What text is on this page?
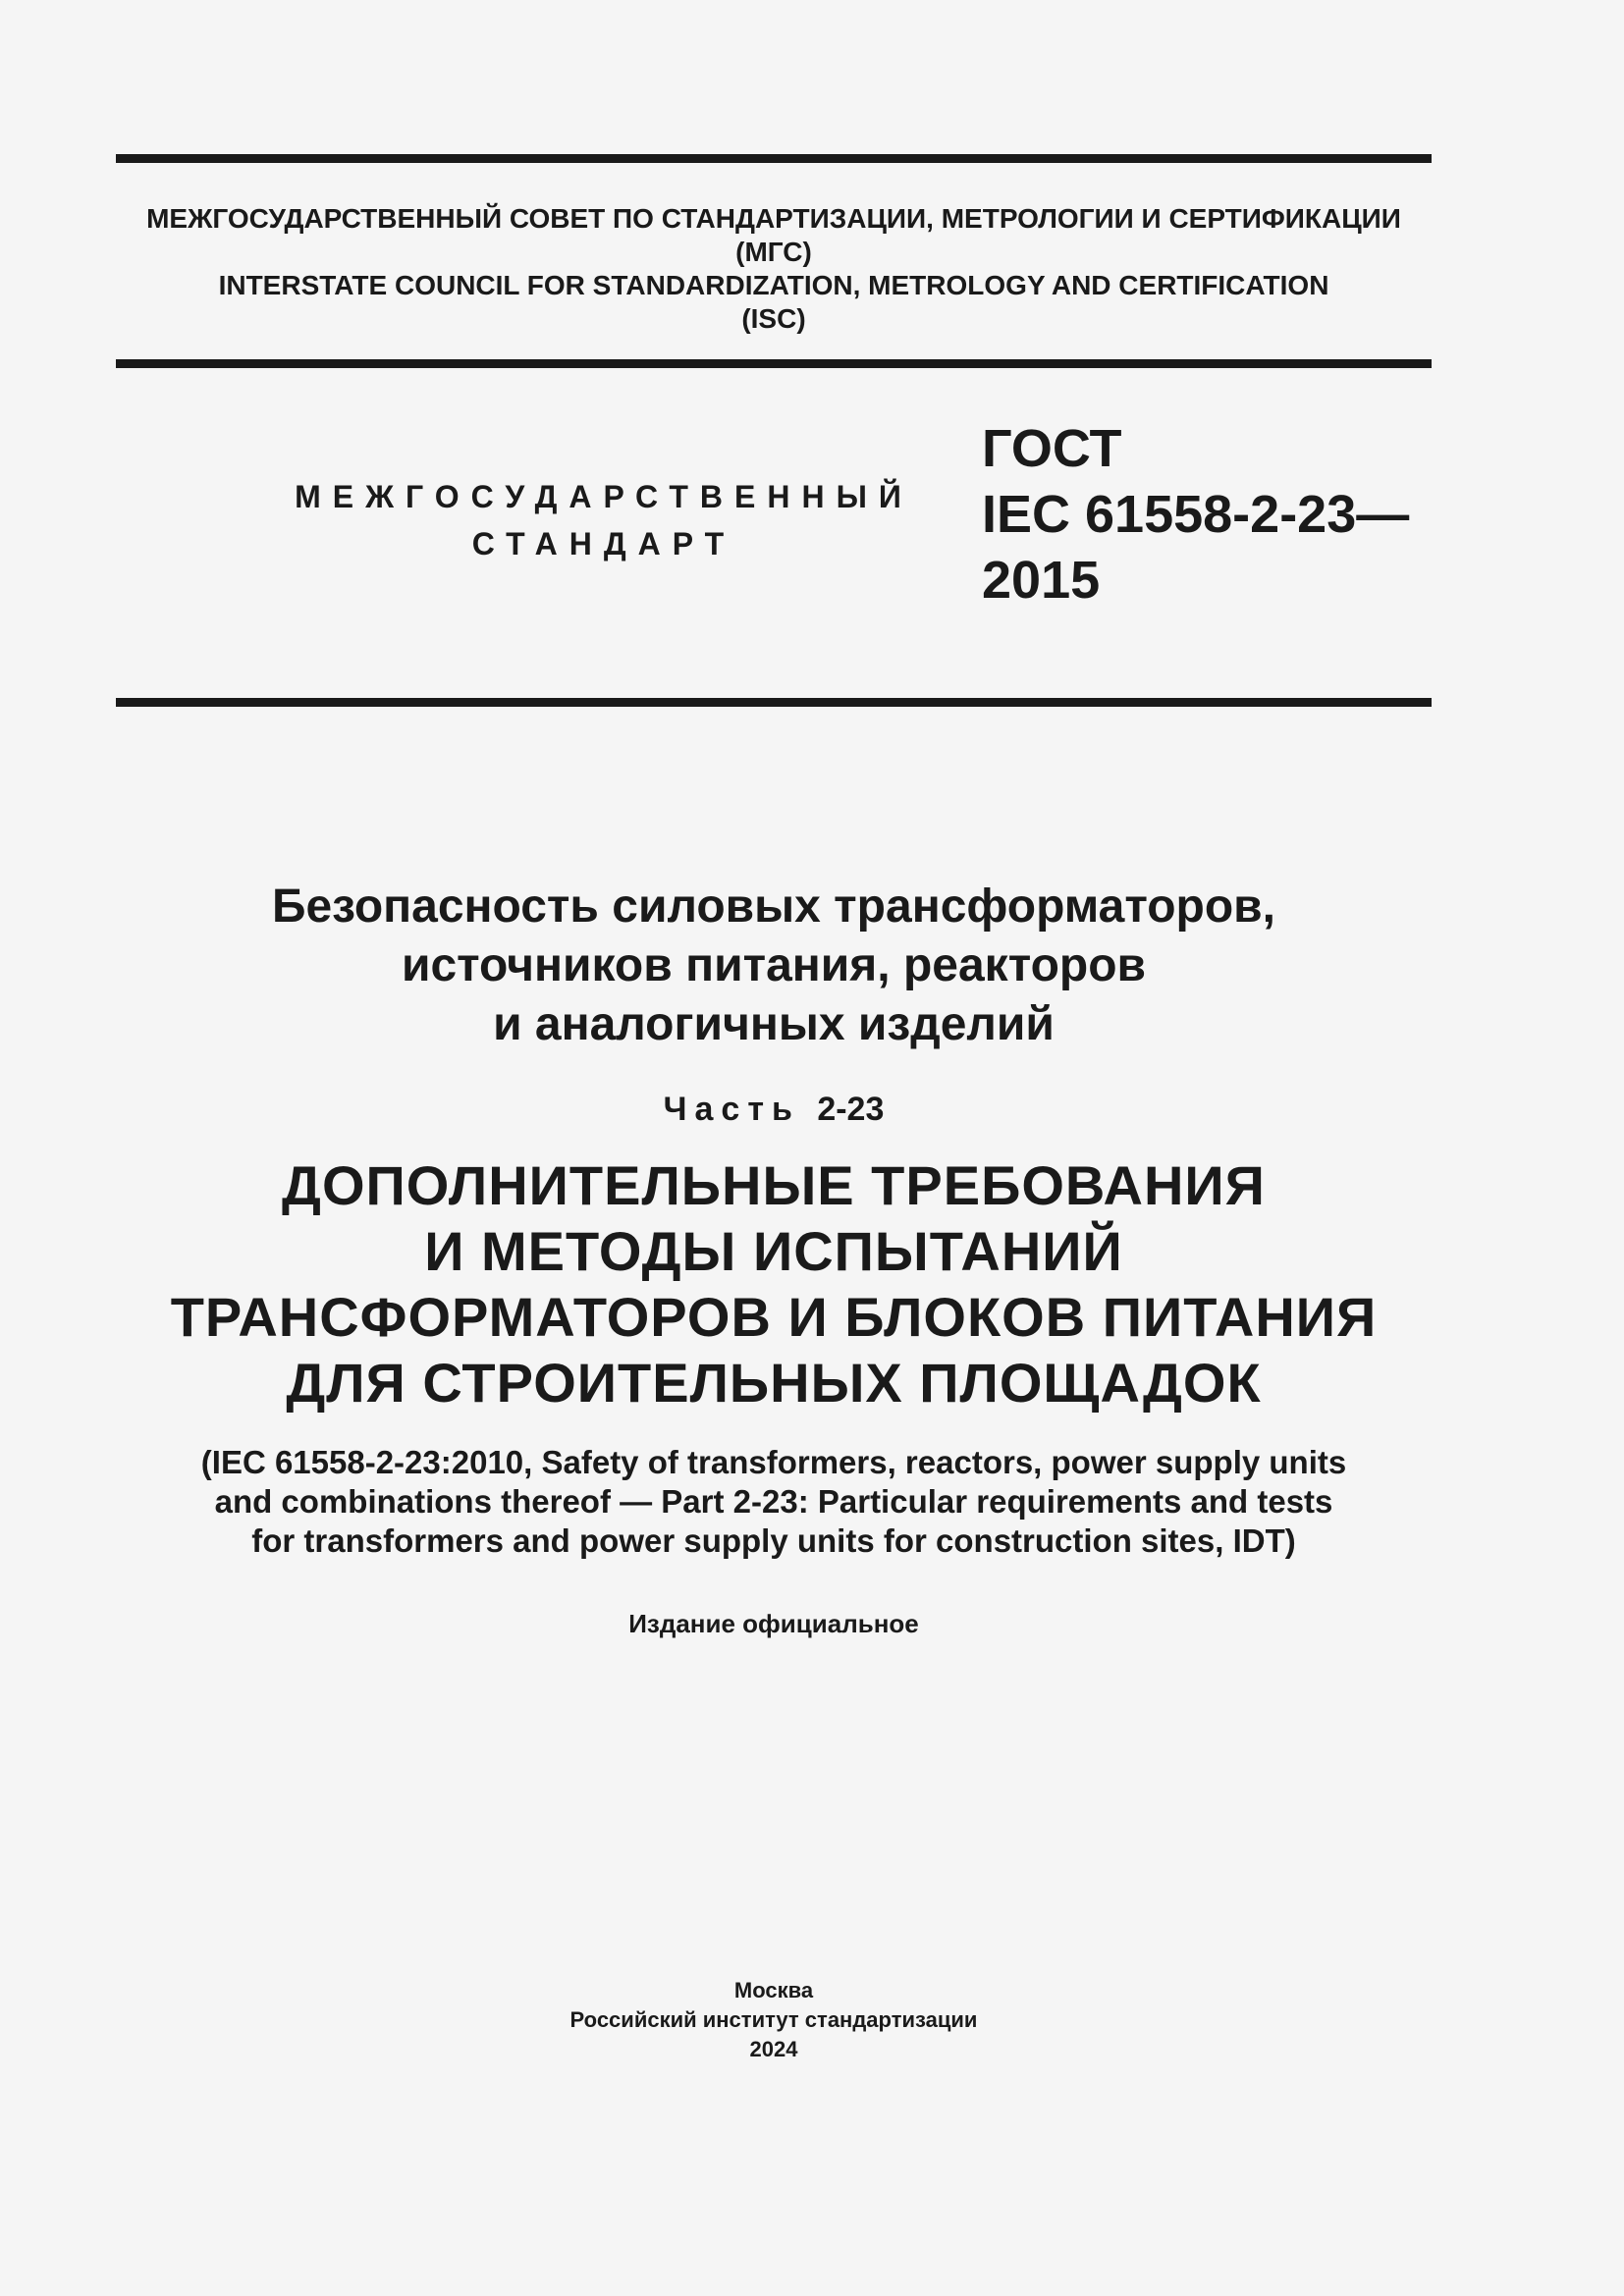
МЕЖГОСУДАРСТВЕННЫЙ СОВЕТ ПО СТАНДАРТИЗАЦИИ, МЕТРОЛОГИИ И СЕРТИФИКАЦИИ
(МГС)
INTERSTATE COUNCIL FOR STANDARDIZATION, METROLOGY AND CERTIFICATION
(ISC)
МЕЖГОСУДАРСТВЕННЫЙ
СТАНДАРТ
ГОСТ
IEC 61558-2-23—
2015
Безопасность силовых трансформаторов,
источников питания, реакторов
и аналогичных изделий
Часть 2-23
ДОПОЛНИТЕЛЬНЫЕ ТРЕБОВАНИЯ
И МЕТОДЫ ИСПЫТАНИЙ
ТРАНСФОРМАТОРОВ И БЛОКОВ ПИТАНИЯ
ДЛЯ СТРОИТЕЛЬНЫХ ПЛОЩАДОК
(IEC 61558-2-23:2010, Safety of transformers, reactors, power supply units
and combinations thereof — Part 2-23: Particular requirements and tests
for transformers and power supply units for construction sites, IDT)
Издание официальное
Москва
Российский институт стандартизации
2024
